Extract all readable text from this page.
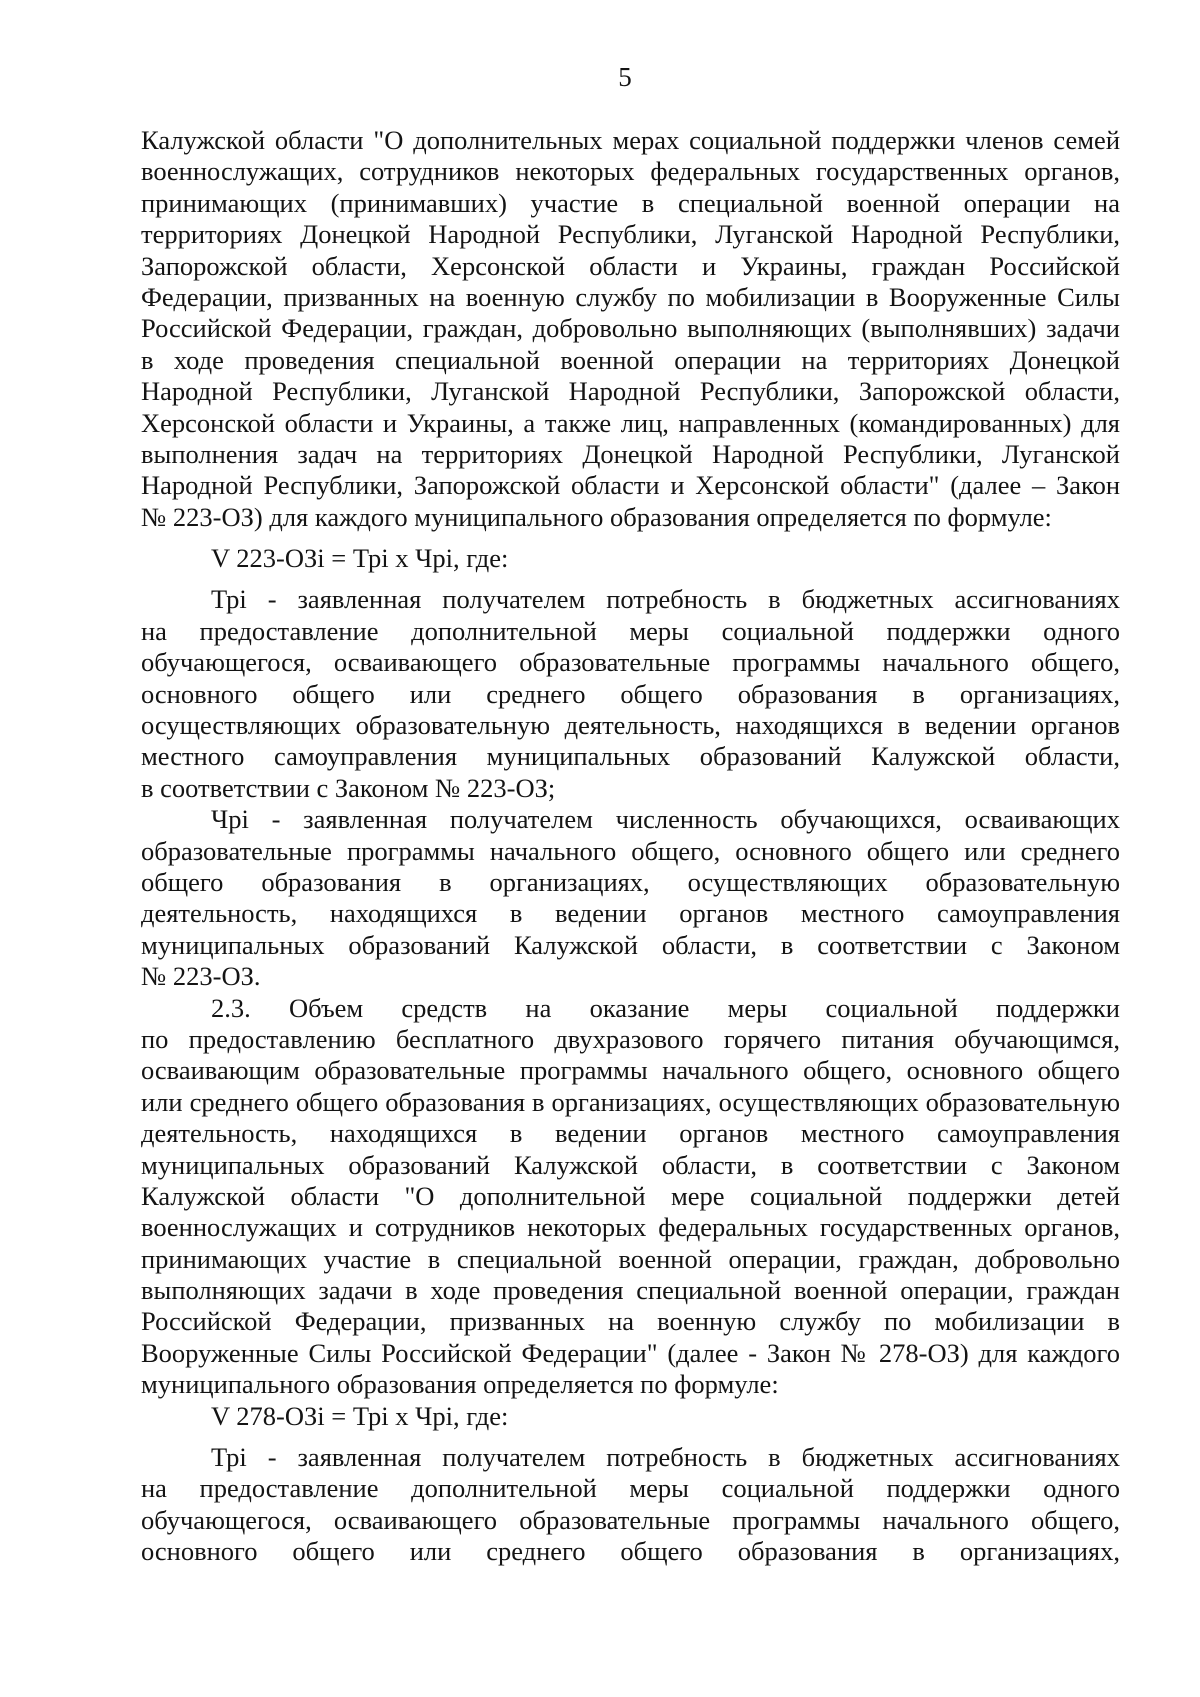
5
Калужской области "О дополнительных мерах социальной поддержки членов семей
военнослужащих, сотрудников некоторых федеральных государственных органов,
принимающих (принимавших) участие в специальной военной операции на
территориях Донецкой Народной Республики, Луганской Народной Республики,
Запорожской области, Херсонской области и Украины, граждан Российской
Федерации, призванных на военную службу по мобилизации в Вооруженные Силы
Российской Федерации, граждан, добровольно выполняющих (выполнявших) задачи
в ходе проведения специальной военной операции на территориях Донецкой
Народной Республики, Луганской Народной Республики, Запорожской области,
Херсонской области и Украины, а также лиц, направленных (командированных) для
выполнения задач на территориях Донецкой Народной Республики, Луганской
Народной Республики, Запорожской области и Херсонской области" (далее – Закон
№ 223-ОЗ) для каждого муниципального образования определяется по формуле:
V 223-ОЗi = Трі х Чрі, где:
Трі - заявленная получателем потребность в бюджетных ассигнованиях
на предоставление дополнительной меры социальной поддержки одного
обучающегося, осваивающего образовательные программы начального общего,
основного общего или среднего общего образования в организациях,
осуществляющих образовательную деятельность, находящихся в ведении органов
местного самоуправления муниципальных образований Калужской области,
в соответствии с Законом № 223-ОЗ;
Чрі - заявленная получателем численность обучающихся, осваивающих
образовательные программы начального общего, основного общего или среднего
общего образования в организациях, осуществляющих образовательную
деятельность, находящихся в ведении органов местного самоуправления
муниципальных образований Калужской области, в соответствии с Законом
№ 223-ОЗ.
2.3. Объем средств на оказание меры социальной поддержки
по предоставлению бесплатного двухразового горячего питания обучающимся,
осваивающим образовательные программы начального общего, основного общего
или среднего общего образования в организациях, осуществляющих образовательную
деятельность, находящихся в ведении органов местного самоуправления
муниципальных образований Калужской области, в соответствии с Законом
Калужской области "О дополнительной мере социальной поддержки детей
военнослужащих и сотрудников некоторых федеральных государственных органов,
принимающих участие в специальной военной операции, граждан, добровольно
выполняющих задачи в ходе проведения специальной военной операции, граждан
Российской Федерации, призванных на военную службу по мобилизации в
Вооруженные Силы Российской Федерации" (далее - Закон № 278-ОЗ) для каждого
муниципального образования определяется по формуле:
V 278-ОЗi = Трі х Чрі, где:
Трі - заявленная получателем потребность в бюджетных ассигнованиях
на предоставление дополнительной меры социальной поддержки одного
обучающегося, осваивающего образовательные программы начального общего,
основного общего или среднего общего образования в организациях,
